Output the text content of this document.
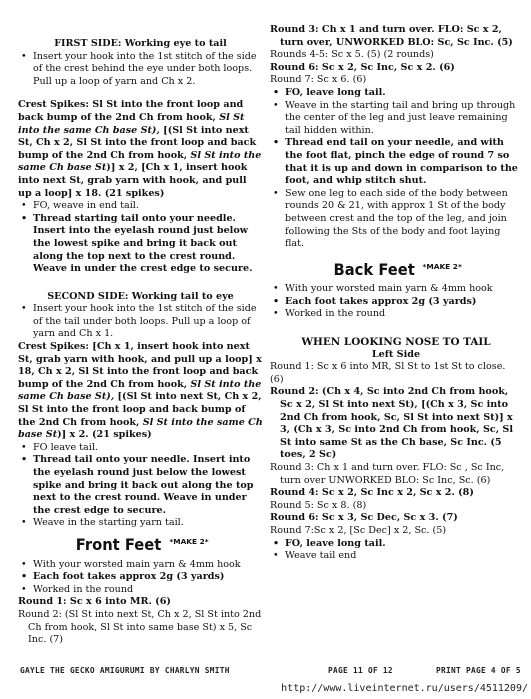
FIRST SIDE: Working eye to tail

• Insert your hook into the 1st stitch of the side of the crest behind the eye under both loops. Pull up a loop of yarn and Ch x 2.

Crest Spikes: Sl St into the front loop and back bump of the 2nd Ch from hook, Sl St into the same Ch base St), [(Sl St into next St, Ch x 2, Sl St into the front loop and back bump of the 2nd Ch from hook, Sl St into the same Ch base St)] x 2, [Ch x 1, insert hook into next St, grab yarn with hook, and pull up a loop] x 18. (21 spikes)

• FO, weave in end tail.

• Thread starting tail onto your needle. Insert into the eyelash round just below the lowest spike and bring it back out along the top next to the crest round. Weave in under the crest edge to secure.

SECOND SIDE: Working tail to eye

• Insert your hook into the 1st stitch of the side of the tail under both loops. Pull up a loop of yarn and Ch x 1.

Crest Spikes: [Ch x 1, insert hook into next St, grab yarn with hook, and pull up a loop] x 18, Ch x 2, Sl St into the front loop and back bump of the 2nd Ch from hook, Sl St into the same Ch base St), [(Sl St into next St, Ch x 2, Sl St into the front loop and back bump of the 2nd Ch from hook, Sl St into the same Ch base St)] x 2. (21 spikes)

• FO leave tail.

• Thread tail onto your needle. Insert into the eyelash round just below the lowest spike and bring it back out along the top next to the crest round. Weave in under the crest edge to secure.

• Weave in the starting yarn tail.

Front Feet $^{*MAKE 2*}$

• With your worsted main yarn & 4mm hook

• Each foot takes approx 2g (3 yards)

• Worked in the round

Round 1: Sc x 6 into MR. (6)

Round 2: (Sl St into next St, Ch x 2, Sl St into 2nd Ch from hook, Sl St into same base St) x 5, Sc Inc. (7)

Round 3: Ch x 1 and turn over. FLO: Sc x 2, turn over, UNWORKED BLO: Sc, Sc Inc. (5)

Rounds 4-5: Sc x 5. (5) (2 rounds)

Round 6: Sc x 2, Sc Inc, Sc x 2. (6)

Round 7: Sc x 6. (6)

• FO, leave long tail.

• Weave in the starting tail and bring up through the center of the leg and just leave remaining tail hidden within.

• Thread end tail on your needle, and with the foot flat, pinch the edge of round 7 so that it is up and down in comparison to the foot, and whip stitch shut.

• Sew one leg to each side of the body between rounds 20 & 21, with approx 1 St of the body between crest and the top of the leg, and join following the Sts of the body and foot laying flat.

Back Feet $^{*MAKE 2*}$

• With your worsted main yarn & 4mm hook

• Each foot takes approx 2g (3 yards)

• Worked in the round

WHEN LOOKING NOSE TO TAIL

Left Side

Round 1: Sc x 6 into MR, Sl St to 1st St to close. (6)

Round 2: (Ch x 4, Sc into 2nd Ch from hook, Sc x 2, Sl St into next St), [(Ch x 3, Sc into 2nd Ch from hook, Sc, Sl St into next St)] x 3, (Ch x 3, Sc into 2nd Ch from hook, Sc, Sl St into same St as the Ch base, Sc Inc. (5 toes, 2 Sc)

Round 3: Ch x 1 and turn over. FLO: Sc , Sc Inc, turn over UNWORKED BLO: Sc Inc, Sc. (6)

Round 4: Sc x 2, Sc Inc x 2, Sc x 2. (8)

Round 5: Sc x 8. (8)

Round 6: Sc x 3, Sc Dec, Sc x 3. (7)

Round 7:Sc x 2, [Sc Dec] x 2, Sc. (5)

• FO, leave long tail.

• Weave tail end

GAYLE THE GECKO AMIGURUMI BY CHARLYN SMITH	PAGE 11 OF 12	PRINT PAGE 4 OF 5
http://www.liveinternet.ru/users/4511209/
